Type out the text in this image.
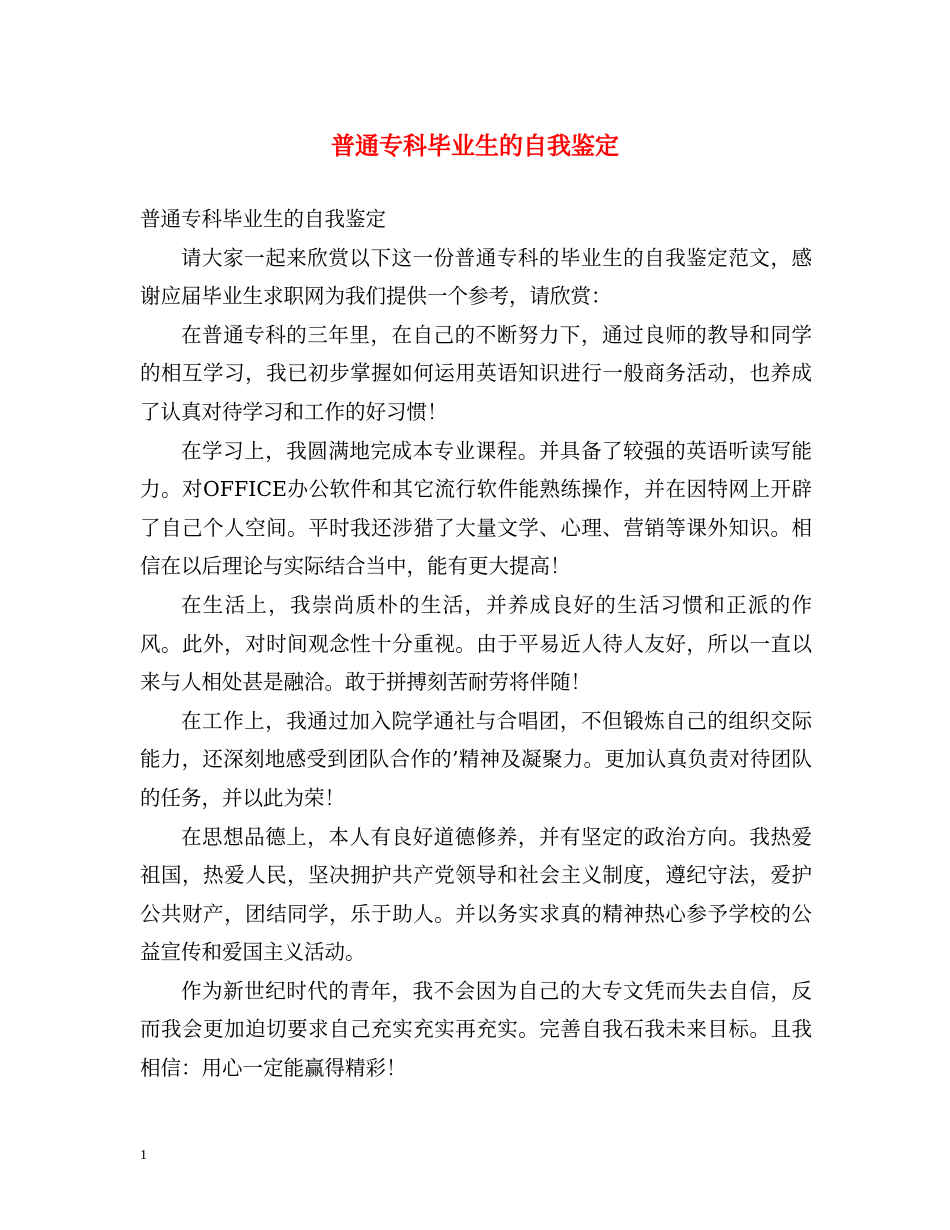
普通专科毕业生的自我鉴定

普通专科毕业生的自我鉴定

请大家一起来欣赏以下这一份普通专科的毕业生的自我鉴定范文，感谢应届毕业生求职网为我们提供一个参考，请欣赏：

在普通专科的三年里，在自己的不断努力下，通过良师的教导和同学的相互学习，我已初步掌握如何运用英语知识进行一般商务活动，也养成了认真对待学习和工作的好习惯！

在学习上，我圆满地完成本专业课程。并具备了较强的英语听读写能力。对OFFICE办公软件和其它流行软件能熟练操作，并在因特网上开辟了自己个人空间。平时我还涉猎了大量文学、心理、营销等课外知识。相信在以后理论与实际结合当中，能有更大提高！

在生活上，我崇尚质朴的生活，并养成良好的生活习惯和正派的作风。此外，对时间观念性十分重视。由于平易近人待人友好，所以一直以来与人相处甚是融洽。敢于拼搏刻苦耐劳将伴随！

在工作上，我通过加入院学通社与合唱团，不但锻炼自己的组织交际能力，还深刻地感受到团队合作的’精神及凝聚力。更加认真负责对待团队的任务，并以此为荣！

在思想品德上，本人有良好道德修养，并有坚定的政治方向。我热爱祖国，热爱人民，坚决拥护共产党领导和社会主义制度，遵纪守法，爱护公共财产，团结同学，乐于助人。并以务实求真的精神热心参予学校的公益宣传和爱国主义活动。

作为新世纪时代的青年，我不会因为自己的大专文凭而失去自信，反而我会更加迫切要求自己充实充实再充实。完善自我石我未来目标。且我相信：用心一定能赢得精彩！

1
